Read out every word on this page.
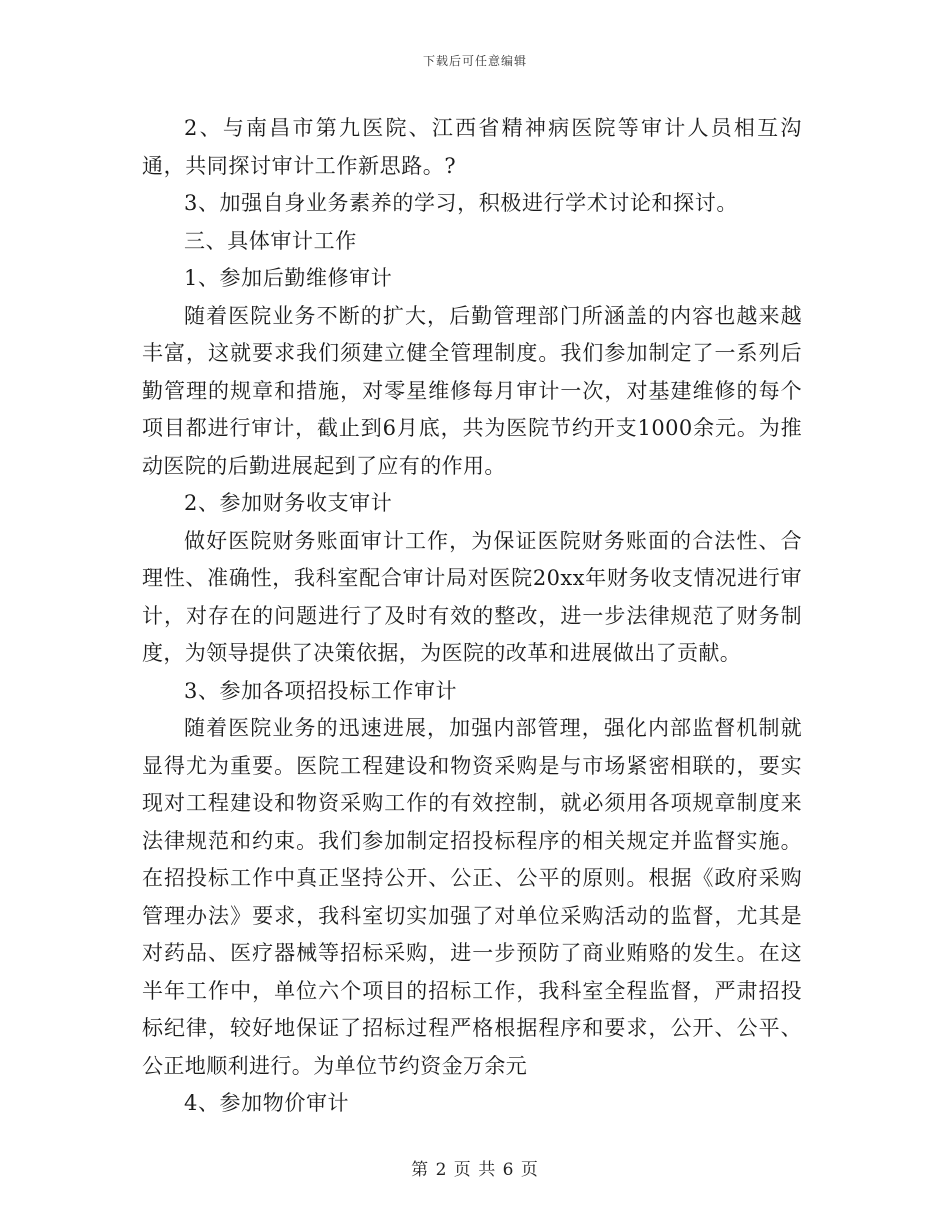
下载后可任意编辑

2、与南昌市第九医院、江西省精神病医院等审计人员相互沟通，共同探讨审计工作新思路。?

3、加强自身业务素养的学习，积极进行学术讨论和探讨。

三、具体审计工作

1、参加后勤维修审计

随着医院业务不断的扩大，后勤管理部门所涵盖的内容也越来越丰富，这就要求我们须建立健全管理制度。我们参加制定了一系列后勤管理的规章和措施，对零星维修每月审计一次，对基建维修的每个项目都进行审计，截止到6月底，共为医院节约开支1000余元。为推动医院的后勤进展起到了应有的作用。

2、参加财务收支审计

做好医院财务账面审计工作，为保证医院财务账面的合法性、合理性、准确性，我科室配合审计局对医院20xx年财务收支情况进行审计，对存在的问题进行了及时有效的整改，进一步法律规范了财务制度，为领导提供了决策依据，为医院的改革和进展做出了贡献。

3、参加各项招投标工作审计

随着医院业务的迅速进展，加强内部管理，强化内部监督机制就显得尤为重要。医院工程建设和物资采购是与市场紧密相联的，要实现对工程建设和物资采购工作的有效控制，就必须用各项规章制度来法律规范和约束。我们参加制定招投标程序的相关规定并监督实施。在招投标工作中真正坚持公开、公正、公平的原则。根据《政府采购管理办法》要求，我科室切实加强了对单位采购活动的监督，尤其是对药品、医疗器械等招标采购，进一步预防了商业贿赂的发生。在这半年工作中，单位六个项目的招标工作，我科室全程监督，严肃招投标纪律，较好地保证了招标过程严格根据程序和要求，公开、公平、公正地顺利进行。为单位节约资金万余元

4、参加物价审计

第 2 页 共 6 页
